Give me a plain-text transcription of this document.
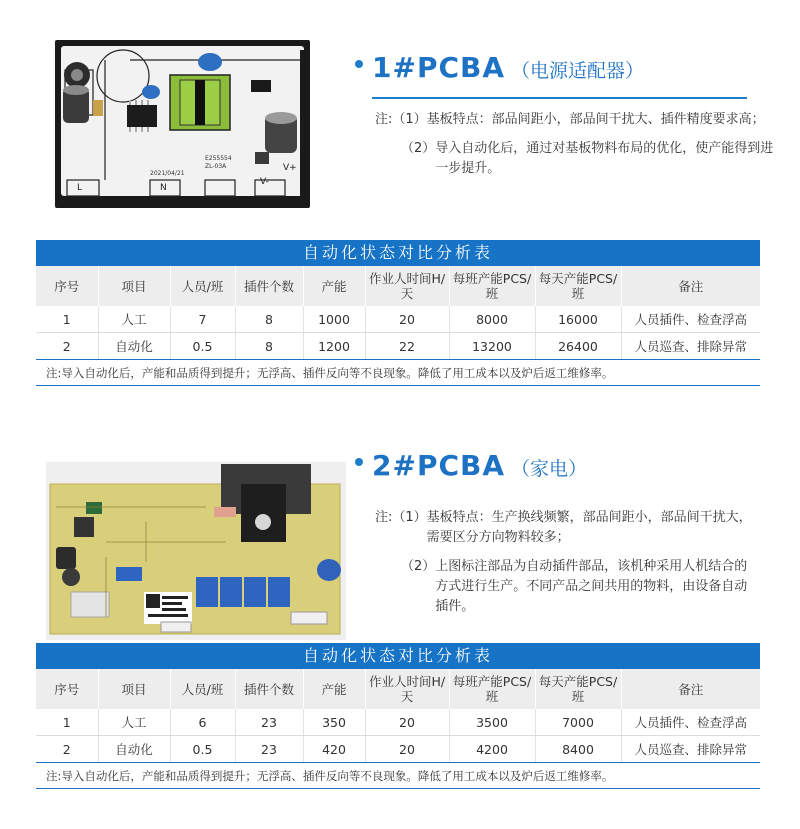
L	N
V-
V+
2021/04/21
E255554
ZL-03A
1#PCBA （电源适配器）
注:（1） 基板特点：部品间距小，部品间干扰大、插件精度要求高；
（2） 导入自动化后，通过对基板物料布局的优化，使产能得到进一步提升。
自动化状态对比分析表
序号	项目	人员/班	插件个数	产能	作业人时间H/天	每班产能PCS/班	每天产能PCS/班	备注
1	人工	7	8	1000	20	8000	16000	人员插件、检查浮高
2	自动化	0.5	8	1200	22	13200	26400	人员巡查、排除异常
注:导入自动化后，产能和品质得到提升；无浮高、插件反向等不良现象。降低了用工成本以及炉后返工维修率。
2#PCBA （家电）
注:（1） 基板特点：生产换线频繁，部品间距小，部品间干扰大，需要区分方向物料较多；
（2） 上图标注部品为自动插件部品，该机种采用人机结合的方式进行生产。不同产品之间共用的物料，由设备自动插件。
自动化状态对比分析表
序号	项目	人员/班	插件个数	产能	作业人时间H/天	每班产能PCS/班	每天产能PCS/班	备注
1	人工	6	23	350	20	3500	7000	人员插件、检查浮高
2	自动化	0.5	23	420	20	4200	8400	人员巡查、排除异常
注:导入自动化后，产能和品质得到提升；无浮高、插件反向等不良现象。降低了用工成本以及炉后返工维修率。
